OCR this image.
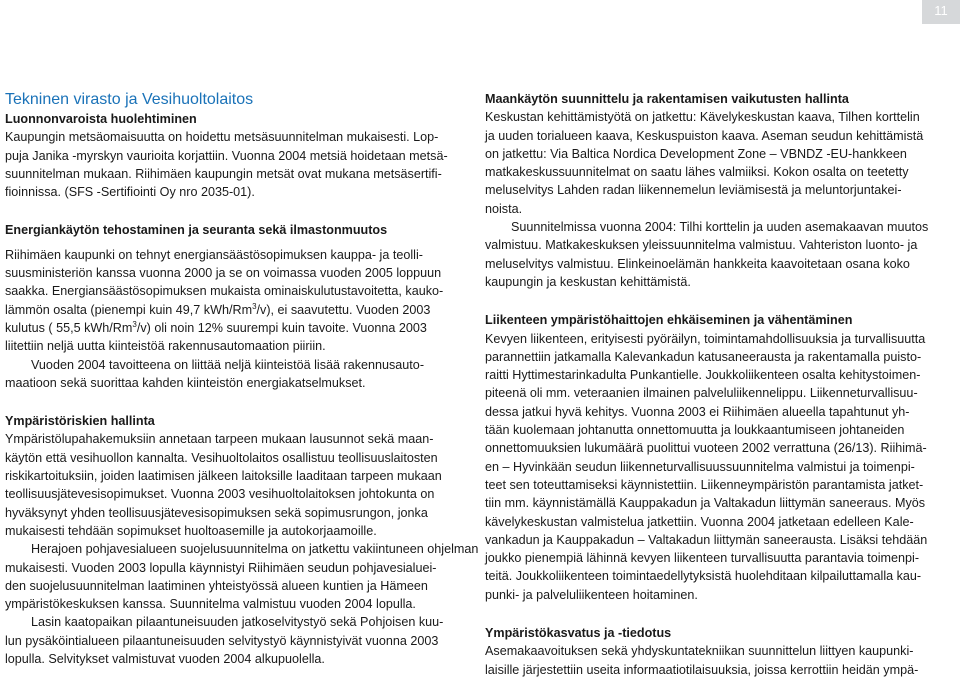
11
Tekninen virasto ja Vesihuoltolaitos
Luonnonvaroista huolehtiminen

Kaupungin metsäomaisuutta on hoidettu metsäsuunnitelman mukaisesti. Lop-

puja Janika -myrskyn vaurioita korjattiin. Vuonna 2004 metsiä hoidetaan metsä-

suunnitelman mukaan. Riihimäen kaupungin metsät ovat mukana metsäsertifi-

fioinnissa. (SFS -Sertifiointi Oy nro 2035-01).

Energiankäytön tehostaminen ja seuranta sekä ilmastonmuutos

Riihimäen kaupunki on tehnyt energiansäästösopimuksen kauppa- ja teolli-

suusministeriön kanssa vuonna 2000 ja se on voimassa vuoden 2005 loppuun

saakka. Energiansäästösopimuksen mukaista ominaiskulutustavoitetta, kauko-

lämmön osalta (pienempi kuin 49,7 kWh/Rm$^3$/v), ei saavutettu. Vuoden 2003

kulutus ( 55,5 kWh/Rm$^3$/v) oli noin 12% suurempi kuin tavoite. Vuonna 2003

liitettiin neljä uutta kiinteistöä rakennusautomaation piiriin.

Vuoden 2004 tavoitteena on liittää neljä kiinteistöä lisää rakennusauto-

maatioon sekä suorittaa kahden kiinteistön energiakatselmukset.

Ympäristöriskien hallinta

Ympäristölupahakemuksiin annetaan tarpeen mukaan lausunnot sekä maan-

käytön että vesihuollon kannalta. Vesihuoltolaitos osallistuu teollisuuslaitosten

riskikartoituksiin, joiden laatimisen jälkeen laitoksille laaditaan tarpeen mukaan

teollisuusjätevesisopimukset. Vuonna 2003 vesihuoltolaitoksen johtokunta on

hyväksynyt yhden teollisuusjätevesisopimuksen sekä sopimusrungon, jonka

mukaisesti tehdään sopimukset huoltoasemille ja autokorjaamoille.

Herajoen pohjavesialueen suojelusuunnitelma on jatkettu vakiintuneen ohjelman

mukaisesti. Vuoden 2003 lopulla käynnistyi Riihimäen seudun pohjavesialuei-

den suojelusuunnitelman laatiminen yhteistyössä alueen kuntien ja Hämeen

ympäristökeskuksen kanssa. Suunnitelma valmistuu vuoden 2004 lopulla.

Lasin kaatopaikan pilaantuneisuuden jatkoselvitystyö sekä Pohjoisen kuu-

lun pysäköintialueen pilaantuneisuuden selvitystyö käynnistyivät vuonna 2003

lopulla. Selvitykset valmistuvat vuoden 2004 alkupuolella.

Maankäytön suunnittelu ja rakentamisen vaikutusten hallinta

Keskustan kehittämistyötä on jatkettu: Kävelykeskustan kaava, Tilhen korttelin

ja uuden torialueen kaava, Keskuspuiston kaava. Aseman seudun kehittämistä

on jatkettu: Via Baltica Nordica Development Zone – VBNDZ -EU-hankkeen

matkakeskussuunnitelmat on saatu lähes valmiiksi. Kokon osalta on teetetty

meluselvitys Lahden radan liikennemelun leviämisestä ja meluntorjuntakei-

noista.

Suunnitelmissa vuonna 2004: Tilhi korttelin ja uuden asemakaavan muutos

valmistuu. Matkakeskuksen yleissuunnitelma valmistuu. Vahteriston luonto- ja

meluselvitys valmistuu. Elinkeinoelämän hankkeita kaavoitetaan osana koko

kaupungin ja keskustan kehittämistä.

Liikenteen ympäristöhaittojen ehkäiseminen ja vähentäminen

Kevyen liikenteen, erityisesti pyöräilyn, toimintamahdollisuuksia ja turvallisuutta

parannettiin jatkamalla Kalevankadun katusaneerausta ja rakentamalla puisto-

raitti Hyttimestarinkadulta Punkantielle. Joukkoliikenteen osalta kehitystoimen-

piteenä oli mm. veteraanien ilmainen palveluliikennelippu. Liikenneturvallisuu-

dessa jatkui hyvä kehitys. Vuonna 2003 ei Riihimäen alueella tapahtunut yh-

tään kuolemaan johtanutta onnettomuutta ja loukkaantumiseen johtaneiden

onnettomuuksien lukumäärä puolittui vuoteen 2002 verrattuna (26/13). Riihimä-

en – Hyvinkään seudun liikenneturvallisuussuunnitelma valmistui ja toimenpi-

teet sen toteuttamiseksi käynnistettiin. Liikenneympäristön parantamista jatket-

tiin mm. käynnistämällä Kauppakadun ja Valtakadun liittymän saneeraus. Myös

kävelykeskustan valmistelua jatkettiin. Vuonna 2004 jatketaan edelleen Kale-

vankadun ja Kauppakadun – Valtakadun liittymän saneerausta. Lisäksi tehdään

joukko pienempiä lähinnä kevyen liikenteen turvallisuutta parantavia toimenpi-

teitä. Joukkoliikenteen toimintaedellytyksistä huolehditaan kilpailuttamalla kau-

punki- ja palveluliikenteen hoitaminen.

Ympäristökasvatus ja -tiedotus

Asemakaavoituksen sekä yhdyskuntatekniikan suunnittelun liittyen kaupunki-

laisille järjestettiin useita informaatiotilaisuuksia, joissa kerrottiin heidän ympä-
